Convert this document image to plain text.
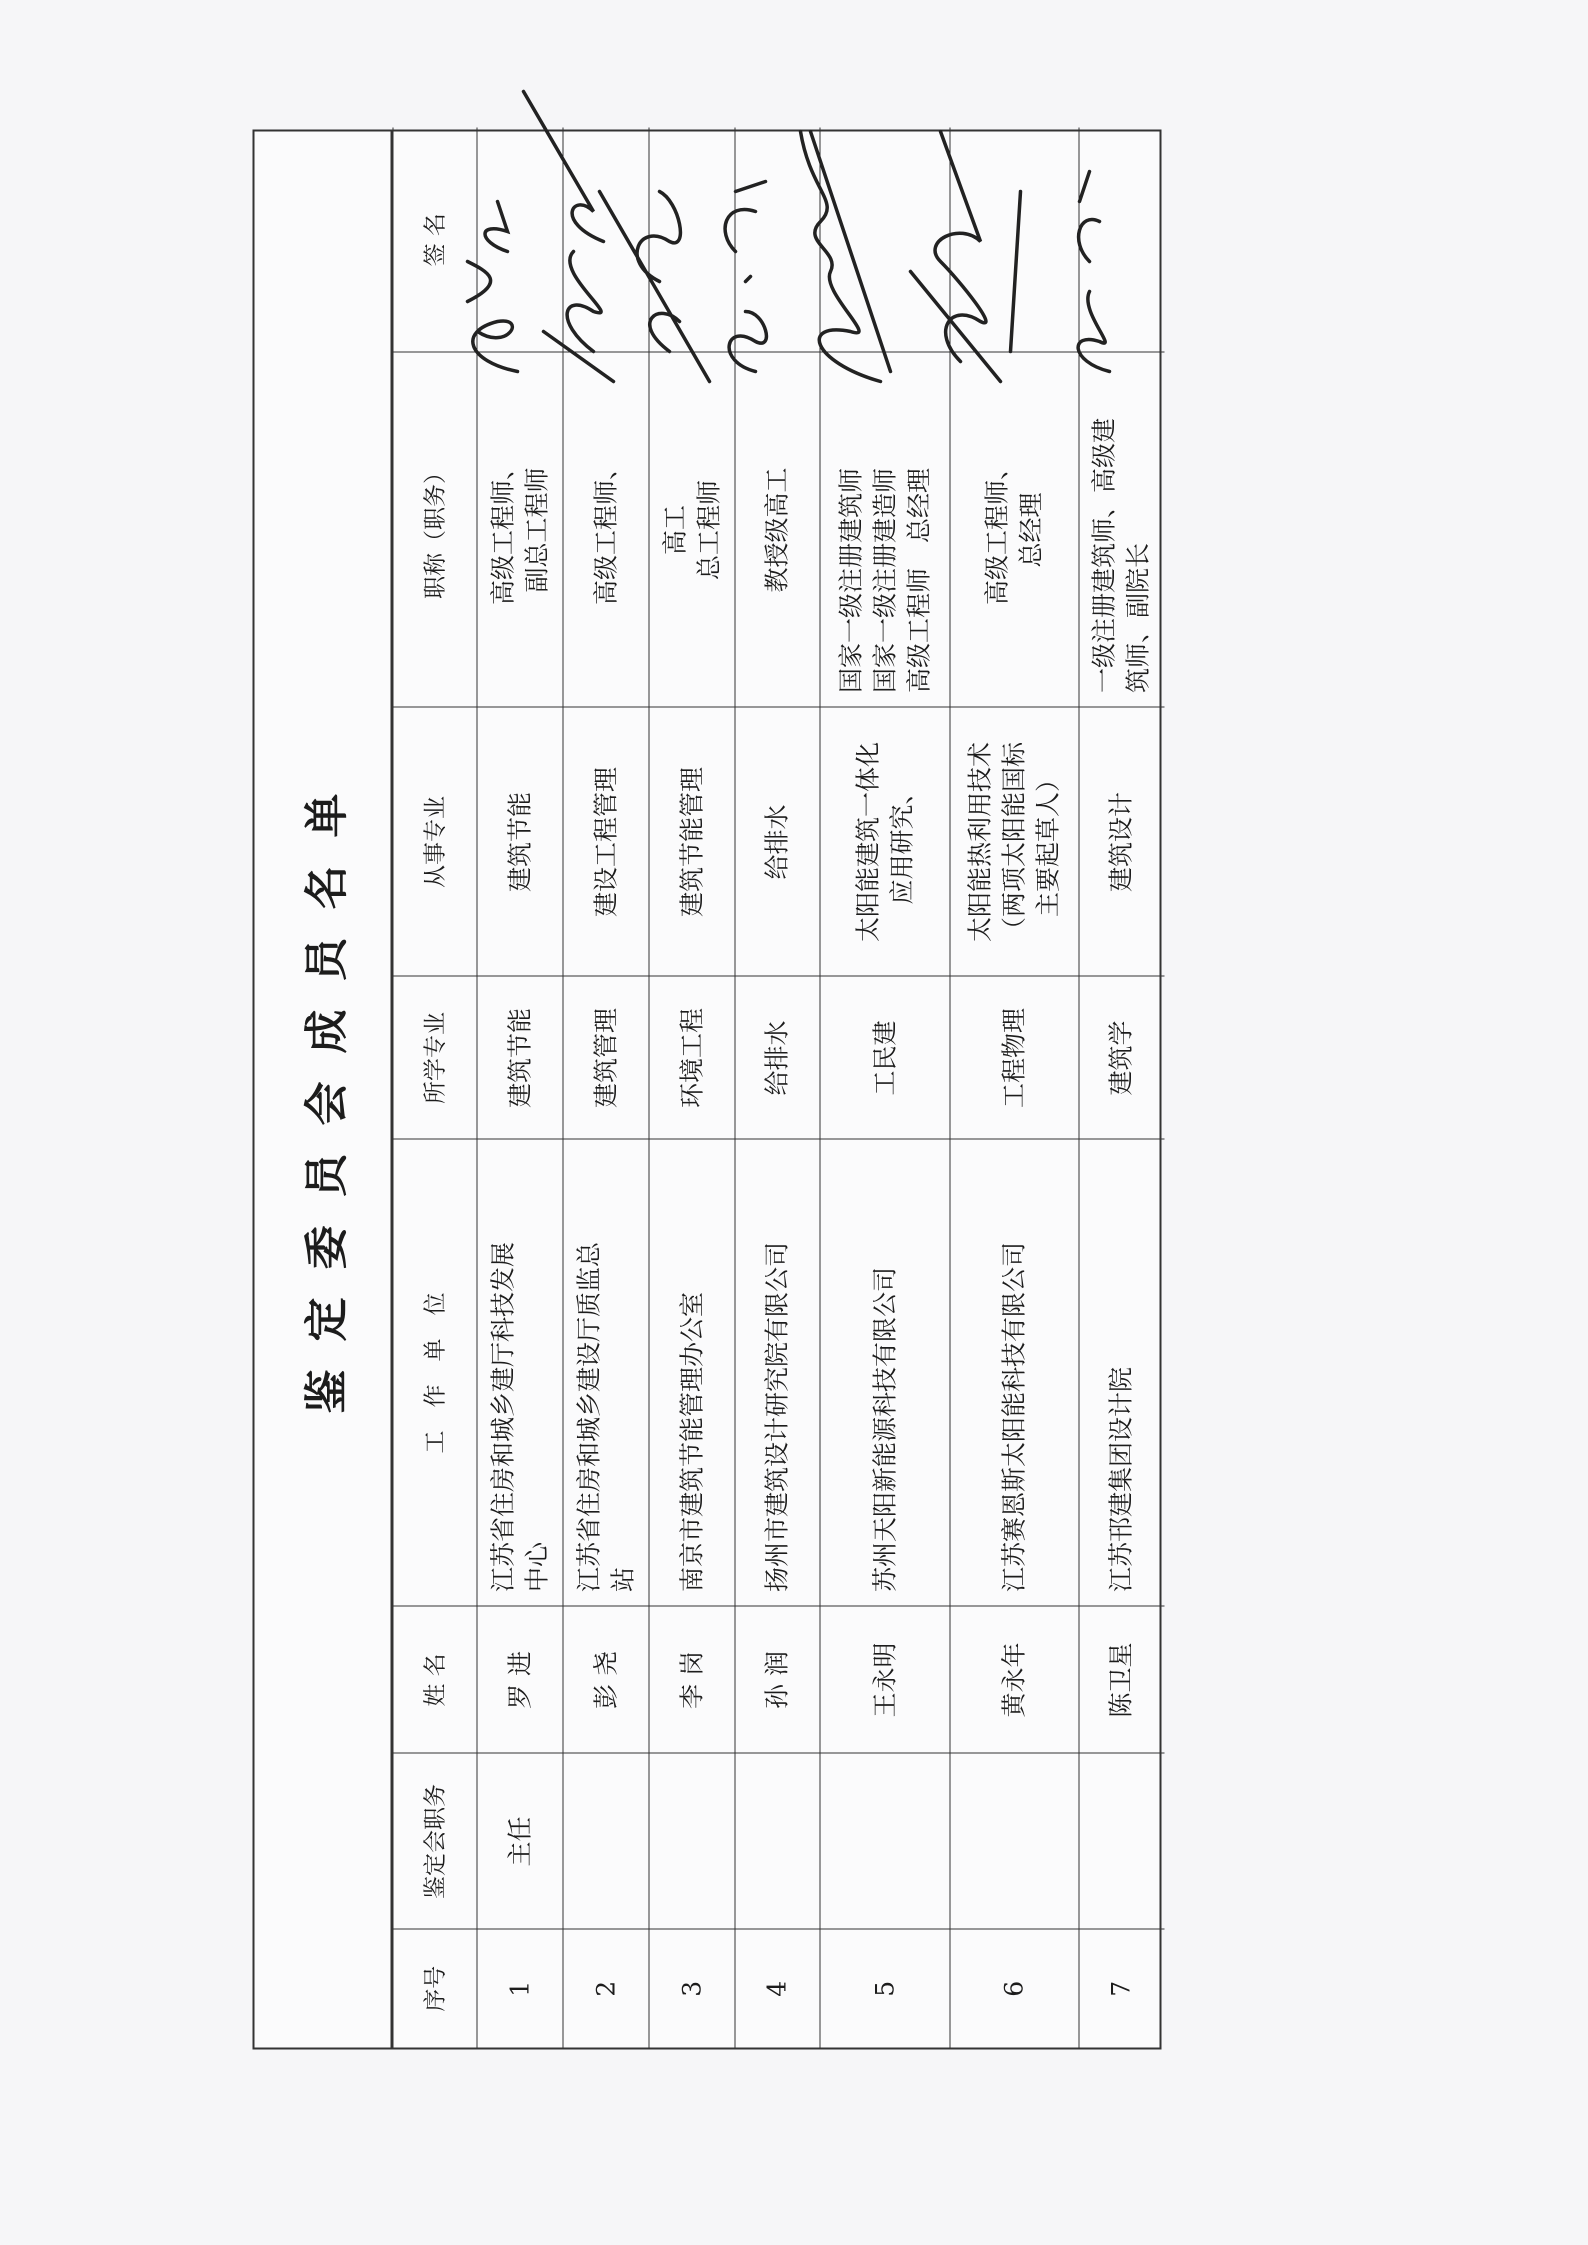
鉴定委员会成员名单
序号	鉴定会职务	姓 名	工　作　单　位	所学专业	从事专业	职称（职务）	签 名
1	主任	罗 进	江苏省住房和城乡建厅科技发展
中心	建筑节能	建筑节能	高级工程师、
副总工程师	

2		彭 尧	江苏省住房和城乡建设厅质监总
站	建筑管理	建设工程管理	高级工程师、	

3		李 岗	南京市建筑节能管理办公室	环境工程	建筑节能管理	高工
总工程师	

4		孙 润	扬州市建筑设计研究院有限公司	给排水	给排水	教授级高工	

5		王永明	苏州天阳新能源科技有限公司	工民建	太阳能建筑一体化
应用研究、	国家一级注册建筑师
国家一级注册建造师
高级工程师　总经理	

6		黄永年	江苏赛恩斯太阳能科技有限公司	工程物理	太阳能热利用技术
（两项太阳能国标
主要起草人）	高级工程师、
总经理	

7		陈卫星	江苏邗建集团设计院	建筑学	建筑设计	一级注册建筑师、高级建
筑师、副院长	
